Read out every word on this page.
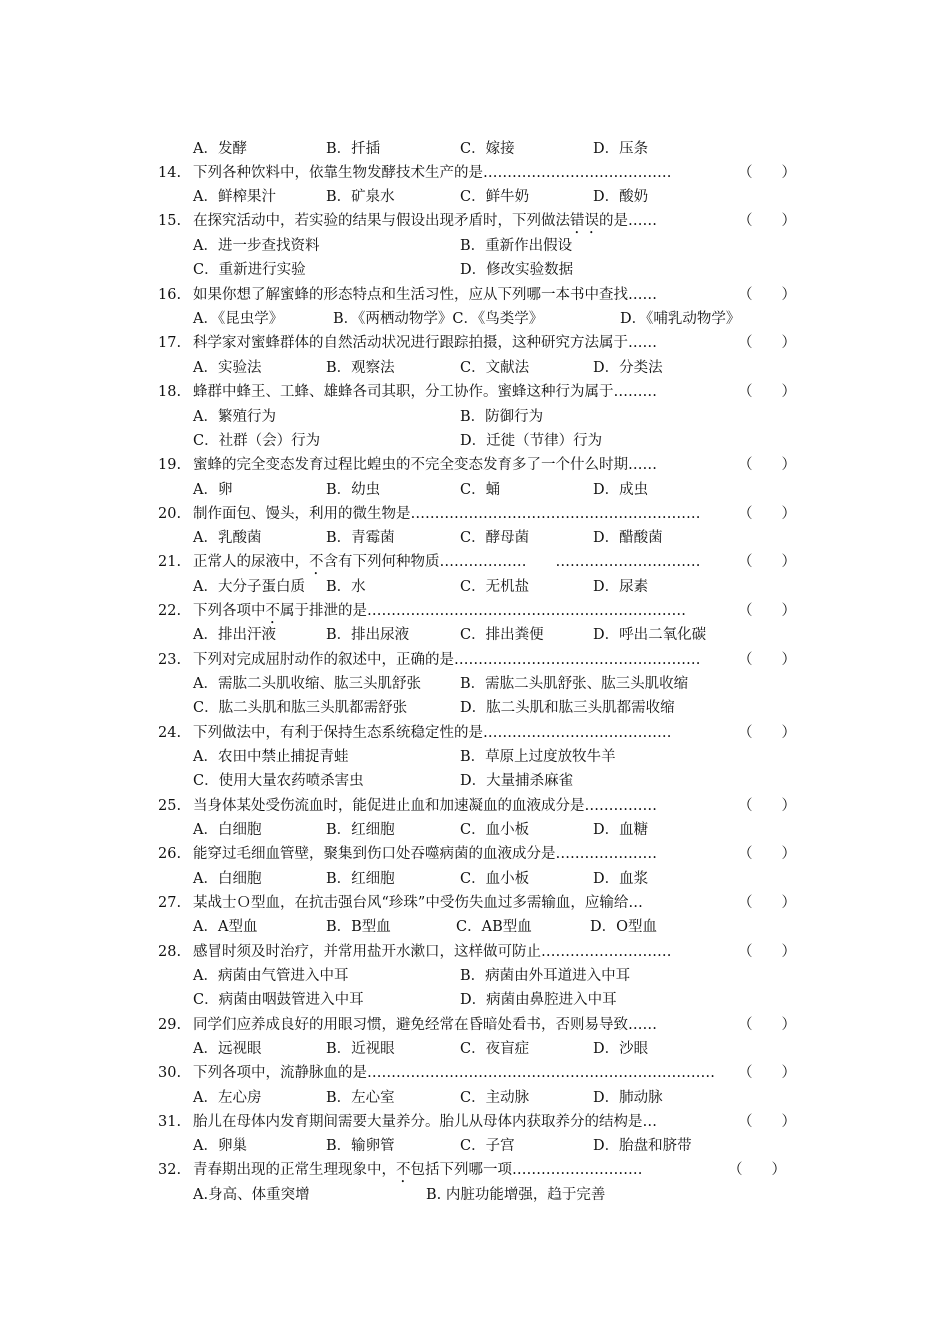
A．发酵	B．扦插	C．嫁接	D．压条
14. 下列各种饮料中，依靠生物发酵技术生产的是…………………………………	（　　）
A．鲜榨果汁	B．矿泉水	C．鲜牛奶	D．酸奶
15. 在探究活动中，若实验的结果与假设出现矛盾时，下列做法错误的是……	（　　）
A．进一步查找资料	B．重新作出假设
C．重新进行实验	D．修改实验数据
16. 如果你想了解蜜蜂的形态特点和生活习性，应从下列哪一本书中查找……	（　　）
A．《昆虫学》	B．《两栖动物学》C．《鸟类学》	D．《哺乳动物学》
17. 科学家对蜜蜂群体的自然活动状况进行跟踪拍摄，这种研究方法属于……	（　　）
A．实验法	B．观察法	C．文献法	D．分类法
18. 蜂群中蜂王、工蜂、雄蜂各司其职，分工协作。蜜蜂这种行为属于………	（　　）
A．繁殖行为	B．防御行为
C．社群（会）行为	D．迁徙（节律）行为
19. 蜜蜂的完全变态发育过程比蝗虫的不完全变态发育多了一个什么时期……	（　　）
A．卵	B．幼虫	C．蛹	D．成虫
20. 制作面包、馒头，利用的微生物是……………………………………………………	（　　）
A．乳酸菌	B．青霉菌	C．酵母菌	D．醋酸菌
21. 正常人的尿液中，不含有下列何种物质………………　　…………………………	（　　）
A．大分子蛋白质 B．水	C．无机盐	D．尿素
22. 下列各项中不属于排泄的是…………………………………………………………	（　　）
A．排出汗液	B．排出尿液	C．排出粪便	D．呼出二氧化碳
23. 下列对完成屈肘动作的叙述中，正确的是……………………………………………	（　　）
A．需肱二头肌收缩、肱三头肌舒张	B．需肱二头肌舒张、肱三头肌收缩
C．肱二头肌和肱三头肌都需舒张	D．肱二头肌和肱三头肌都需收缩
24. 下列做法中，有利于保持生态系统稳定性的是…………………………………	（　　）
A．农田中禁止捕捉青蛙	B．草原上过度放牧牛羊
C．使用大量农药喷杀害虫	D．大量捕杀麻雀
25. 当身体某处受伤流血时，能促进止血和加速凝血的血液成分是……………	（　　）
A．白细胞	B．红细胞	C．血小板	D．血糖
26. 能穿过毛细血管壁，聚集到伤口处吞噬病菌的血液成分是…………………	（　　）
A．白细胞	B．红细胞	C．血小板	D．血浆
27. 某战士Ｏ型血，在抗击强台风“珍珠”中受伤失血过多需输血，应输给…	（　　）
A．A型血	B．B型血	C．AB型血	D．O型血
28. 感冒时须及时治疗，并常用盐开水漱口，这样做可防止………………………	（　　）
A．病菌由气管进入中耳	B．病菌由外耳道进入中耳
C．病菌由咽鼓管进入中耳	D．病菌由鼻腔进入中耳
29. 同学们应养成良好的用眼习惯，避免经常在昏暗处看书，否则易导致……	（　　）
A．远视眼	B．近视眼	C．夜盲症	D．沙眼
30. 下列各项中，流静脉血的是……………………………………………………………… （　　）
A．左心房	B．左心室	C．主动脉	D．肺动脉
31. 胎儿在母体内发育期间需要大量养分。胎儿从母体内获取养分的结构是…	（　　）
A．卵巢	B．输卵管	C．子宫	D．胎盘和脐带
32. 青春期出现的正常生理现象中，不包括下列哪一项………………………	（　　）
A.身高、体重突增	B. 内脏功能增强，趋于完善
